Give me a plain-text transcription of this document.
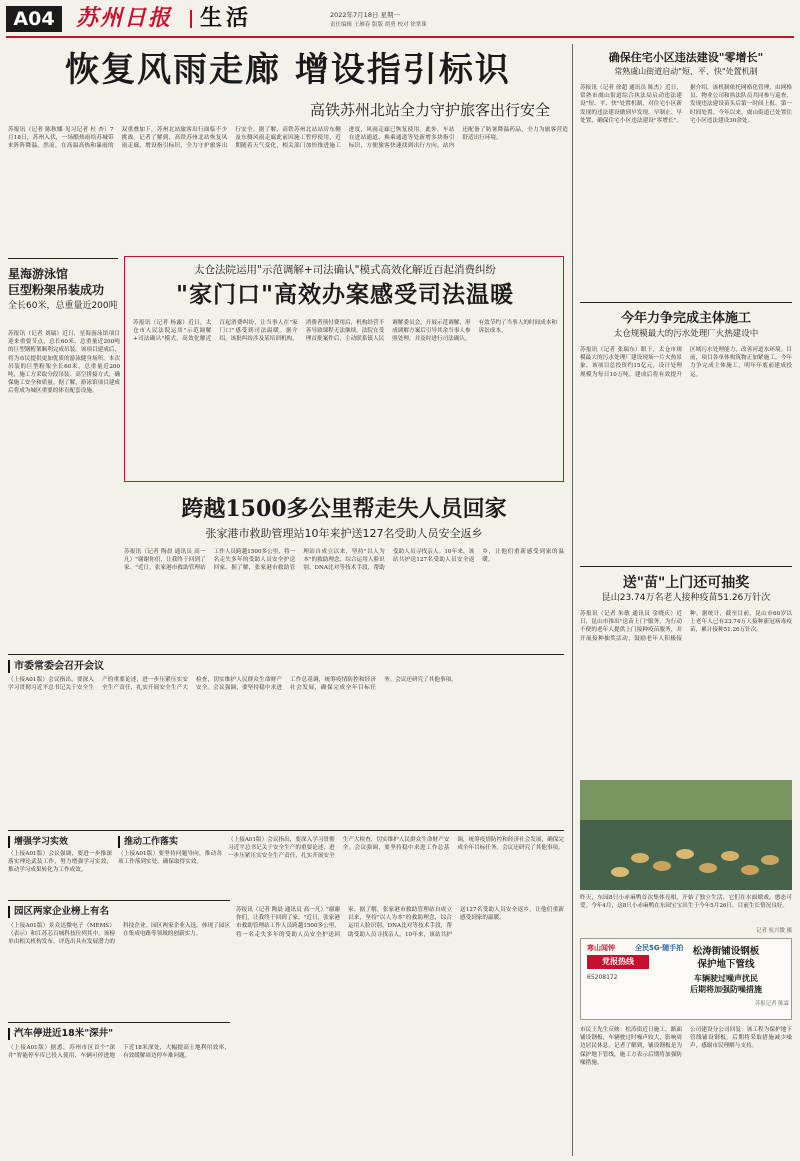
A04 苏州日报 生活	2022年7月18日 星期一
责任编辑 王雁春 版版 胡勇 校对 徐掌珠
恢复风雨走廊 增设指引标识
高铁苏州北站全力守护旅客出行安全
苏报讯（记者 陈秋娜 见习记者 杜 杏）7月18日，苏州入伏，一场酷热雨给苏城带来阵阵降温。然而，在高温高热和暴雨的双重叠加下，苏州北站旅客出行面临不少挑战。记者了解到，高铁苏州北站恢复风雨走廊，增设指引标识，全力守护旅客出行安全。据了解，高铁苏州北站站房东侧及东侧风雨走廊此前因施工暂停使用，近期随着天气变化，相关部门加快推进施工进度，风雨走廊已恢复使用。此外，车站在进站通道、换乘通道等处新增多块指引标识，方便旅客快速找到出行方向。站内还配备了防暑降温药品，全力为旅客营造舒适出行环境。
星海游泳馆
巨型粉架吊装成功
全长60米，总重量近200吨
苏报讯（记者 刘瑞）近日，星海游泳馆项目迎来重要节点，总长60米、总重量近200吨的巨型钢桁架顺利完成吊装。该项目建成后，将为市民提供更加优质的游泳健身场所。本次吊装的巨型粉架全长60米，总重量近200吨，施工方采取分段吊装、高空拼接方式，确保施工安全和质量。据了解，游泳馆项目建成后将成为城区重要的体育配套设施。
太仓法院运用"示范调解+司法确认"模式高效化解近百起消费纠纷
"家门口"高效办案感受司法温暖
苏报讯（记者 杨露）近日，太仓市人民法院运用"示范调解+司法确认"模式，高效化解近百起消费纠纷，让当事人在"家门口"感受到司法温暖。据介绍，该批纠纷涉及某培训机构，消费者预付费用后，机构经营不善导致课程无法继续。法院在受理首批案件后，主动联系镇人民调解委员会，开展示范调解，形成调解方案后引导其余当事人参照处理，并及时进行司法确认，有效节约了当事人的时间成本和诉讼成本。
跨越1500多公里帮走失人员回家
张家港市救助管理站10年来护送127名受助人员安全返乡
苏报讯（记者 陶晨 通讯员 高一凡）"谢谢你们，让我终于回到了家。"近日，张家港市救助管理站工作人员跨越1500多公里，将一名走失多年的受助人员安全护送回家。据了解，张家港市救助管理站自成立以来，坚持"以人为本"的救助理念，综合运用人脸识别、DNA比对等技术手段，帮助受助人员寻找亲人。10年来，该站共护送127名受助人员安全返乡，让他们重新感受到家的温暖。
确保住宅小区违法建设"零增长"
常熟虞山街道启动"短、平、快"处置机制
苏报讯（记者 徐超 通讯员 陈杰）近日，常熟市虞山街道综合执法局启动违法建设"短、平、快"处置机制，对住宅小区新发现的违法建设做到早发现、早制止、早处置，确保住宅小区违法建设"零增长"。据介绍，该机制依托网格化管理，由网格员、物业公司和执法队员共同参与巡查，发现违法建设苗头后第一时间上报、第一时间处置。今年以来，虞山街道已处置住宅小区违法建设30余处。
今年力争完成主体施工
太仓规模最大的污水处理厂火热建设中
苏报讯（记者 张瑞东）眼下，太仓市规模最大的污水处理厂建设现场一片火热景象。该项目总投资约15亿元，设计处理规模为每日10万吨，建成后将有效提升区域污水处理能力，改善河道水环境。目前，项目各单体构筑物正加紧施工，今年力争完成主体施工，明年年底前建成投运。
送"苗"上门还可抽奖
昆山23.74万名老人接种疫苗51.26万针次
苏报讯（记者 朱敏 通讯员 金晓庆）近日，昆山市推出"送苗上门"服务，为行动不便的老年人提供上门接种疫苗服务，并开展接种抽奖活动，鼓励老年人积极接种。据统计，截至目前，昆山市60岁以上老年人已有23.74万人接种新冠病毒疫苗，累计接种51.26万针次。
昨天，东园8只小赤麻鸭首次集体亮相，开始了独立生活，它们在水面嬉戏，憨态可爱。今年4月，这8只小赤麻鸭在东园宝宝出生于今年5月26日，目前生长情况良好。
记者 杭兴微 摄
寒山闻钟	全民5G·随手拍
党报热线
65208172
松涛街铺设钢板
保护地下管线
车辆驶过噪声扰民
后期将加强防噪措施
苏报记者 陈霖
市民王先生反映：松涛街近日施工，路面铺设钢板，车辆驶过时噪声较大，影响周边居民休息。记者了解到，铺设钢板是为保护地下管线，施工方表示后期将加强防噪措施。
公司建设分公司回复：该工程为保护地下管线铺设钢板，后期将采取措施减少噪声，感谢市民理解与支持。
市委常委会召开会议
（上接A01版）会议指出，要深入学习贯彻习近平总书记关于安全生产的重要论述，进一步压紧压实安全生产责任，扎实开展安全生产大检查，切实维护人民群众生命财产安全。会议强调，要坚持稳中求进工作总基调，统筹疫情防控和经济社会发展，确保完成全年目标任务。会议还研究了其他事项。
增强学习实效
（上接A01版）会议强调，要进一步推深落实理论武装工作，努力增强学习实效，推动学习成果转化为工作成效。
推动工作落实
（上接A01版）要坚持问题导向，推动各项工作落到实处，确保取得实效。
（上接A01版）会议指出，要深入学习贯彻习近平总书记关于安全生产的重要论述，进一步压紧压实安全生产责任，扎实开展安全生产大检查，切实维护人民群众生命财产安全。会议强调，要坚持稳中求进工作总基调，统筹疫情防控和经济社会发展，确保完成全年目标任务。会议还研究了其他事项。
园区两家企业榜上有名
（上接A01版）景众达微电子（MEMS）（表示）和江苏芯百城科技位列其中。该榜单由相关机构发布，评选出具有发展潜力的科技企业。园区两家企业入选，体现了园区在集成电路等领域的创新实力。
苏报讯（记者 陶晨 通讯员 高一凡）"谢谢你们，让我终于回到了家。"近日，张家港市救助管理站工作人员跨越1500多公里，将一名走失多年的受助人员安全护送回家。据了解，张家港市救助管理站自成立以来，坚持"以人为本"的救助理念，综合运用人脸识别、DNA比对等技术手段，帮助受助人员寻找亲人。10年来，该站共护送127名受助人员安全返乡，让他们重新感受到家的温暖。
汽车停进近18米"深井"
（上接A01版）据悉，苏州市区首个"深井"智能停车库已投入使用，车辆可停进地下近18米深处，大幅提高土地利用效率，有效缓解周边停车难问题。
